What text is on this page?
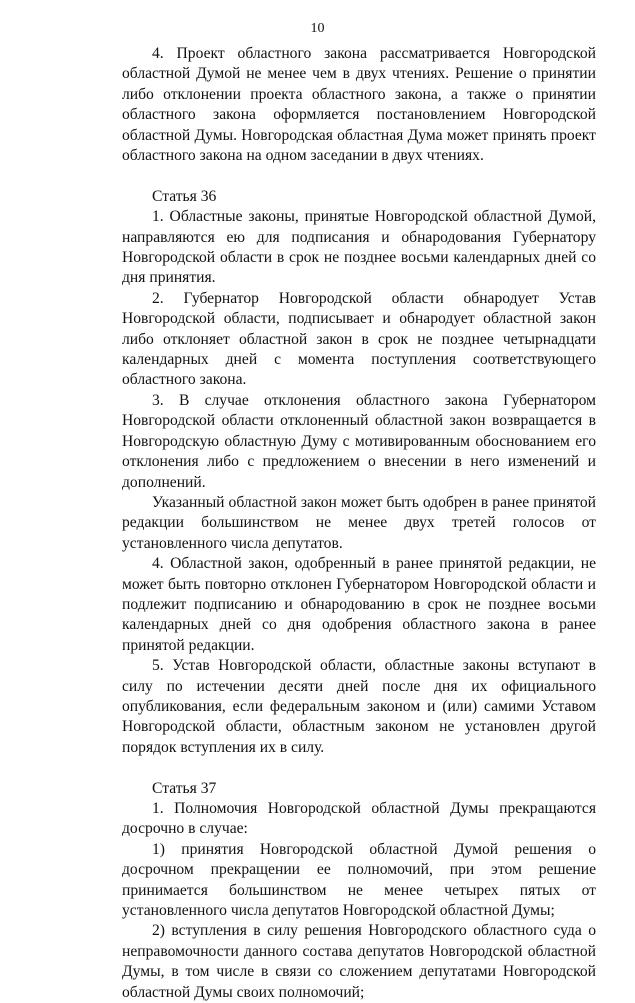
10

4. Проект областного закона рассматривается Новгородской областной Думой не менее чем в двух чтениях. Решение о принятии либо отклонении проекта областного закона, а также о принятии областного закона оформляется постановлением Новгородской областной Думы. Новгородская областная Дума может принять проект областного закона на одном заседании в двух чтениях.

Статья 36

1. Областные законы, принятые Новгородской областной Думой, направляются ею для подписания и обнародования Губернатору Новгородской области в срок не позднее восьми календарных дней со дня принятия.

2. Губернатор Новгородской области обнародует Устав Новгородской области, подписывает и обнародует областной закон либо отклоняет областной закон в срок не позднее четырнадцати календарных дней с момента поступления соответствующего областного закона.

3. В случае отклонения областного закона Губернатором Новгородской области отклоненный областной закон возвращается в Новгородскую областную Думу с мотивированным обоснованием его отклонения либо с предложением о внесении в него изменений и дополнений.

Указанный областной закон может быть одобрен в ранее принятой редакции большинством не менее двух третей голосов от установленного числа депутатов.

4. Областной закон, одобренный в ранее принятой редакции, не может быть повторно отклонен Губернатором Новгородской области и подлежит подписанию и обнародованию в срок не позднее восьми календарных дней со дня одобрения областного закона в ранее принятой редакции.

5. Устав Новгородской области, областные законы вступают в силу по истечении десяти дней после дня их официального опубликования, если федеральным законом и (или) самими Уставом Новгородской области, областным законом не установлен другой порядок вступления их в силу.

Статья 37

1. Полномочия Новгородской областной Думы прекращаются досрочно в случае:

1) принятия Новгородской областной Думой решения о досрочном прекращении ее полномочий, при этом решение принимается большинством не менее четырех пятых от установленного числа депутатов Новгородской областной Думы;

2) вступления в силу решения Новгородского областного суда о неправомочности данного состава депутатов Новгородской областной Думы, в том числе в связи со сложением депутатами Новгородской областной Думы своих полномочий;
